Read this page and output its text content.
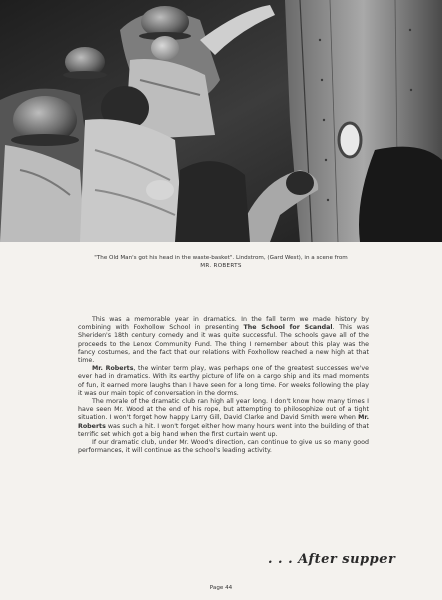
"The Old Man's got his head in the waste-basket". Lindstrom, (Gard West), in a scene from
MR. ROBERTS

This was a memorable year in dramatics. In the fall term we made history by combining with Foxhollow School in presenting The School for Scandal. This was Sheriden's 18th century comedy and it was quite successful. The schools gave all of the proceeds to the Lenox Community Fund. The thing I remember about this play was the fancy costumes, and the fact that our relations with Foxhollow reached a new high at that time.

Mr. Roberts, the winter term play, was perhaps one of the greatest successes we've ever had in dramatics. With its earthy picture of life on a cargo ship and its mad moments of fun, it earned more laughs than I have seen for a long time. For weeks following the play it was our main topic of conversation in the dorms.

The morale of the dramatic club ran high all year long. I don't know how many times I have seen Mr. Wood at the end of his rope, but attempting to philosophize out of a tight situation. I won't forget how happy Larry Gill, David Clarke and David Smith were when Mr. Roberts was such a hit. I won't forget either how many hours went into the building of that terrific set which got a big hand when the first curtain went up.

If our dramatic club, under Mr. Wood's direction, can continue to give us so many good performances, it will continue as the school's leading activity.

. . . After supper
Page 44
